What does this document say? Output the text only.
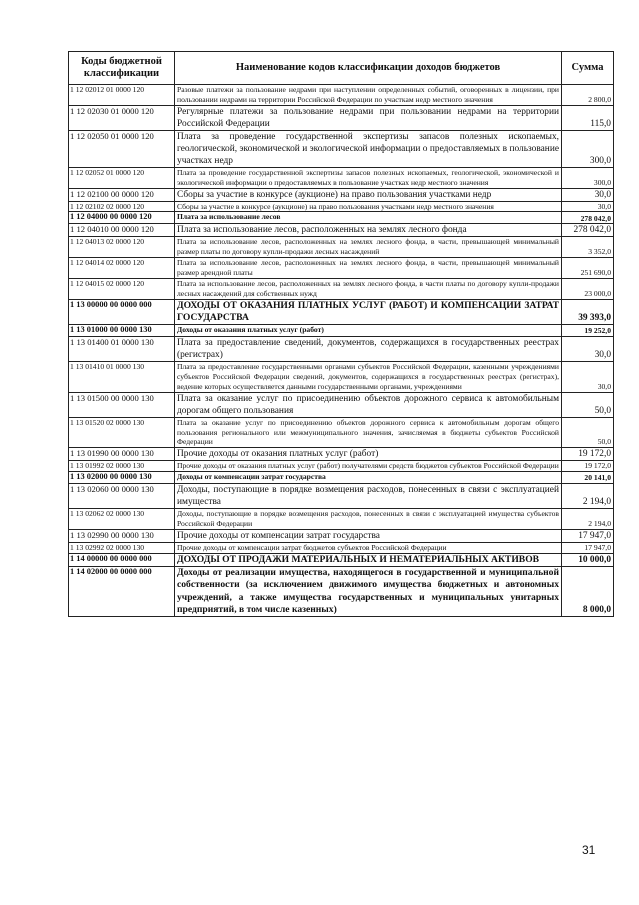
Коды бюджетной классификации	Наименование кодов классификации доходов бюджетов	Сумма
1 12 02012 01 0000 120	Разовые платежи за пользование недрами при наступлении определенных событий, оговоренных в лицензии, при пользовании недрами на территории Российской Федерации по участкам недр местного значения	2 800,0
1 12 02030 01 0000 120	Регулярные платежи за пользование недрами при пользовании недрами на территории Российской Федерации	115,0
1 12 02050 01 0000 120	Плата за проведение государственной экспертизы запасов полезных ископаемых, геологической, экономической и экологической информации о предоставляемых в пользование участках недр	300,0
1 12 02052 01 0000 120	Плата за проведение государственной экспертизы запасов полезных ископаемых, геологической, экономической и экологической информации о предоставляемых в пользование участках недр местного значения	300,0
1 12 02100 00 0000 120	Сборы за участие в конкурсе (аукционе) на право пользования участками недр	30,0
1 12 02102 02 0000 120	Сборы за участие в конкурсе (аукционе) на право пользования участками недр местного значения	30,0
1 12 04000 00 0000 120	Плата за использование лесов	278 042,0
1 12 04010 00 0000 120	Плата за использование лесов, расположенных на землях лесного фонда	278 042,0
1 12 04013 02 0000 120	Плата за использование лесов, расположенных на землях лесного фонда, в части, превышающей минимальный размер платы по договору купли-продажи лесных насаждений	3 352,0
1 12 04014 02 0000 120	Плата за использование лесов, расположенных на землях лесного фонда, в части, превышающей минимальный размер арендной платы	251 690,0
1 12 04015 02 0000 120	Плата за использование лесов, расположенных на землях лесного фонда, в части платы по договору купли-продажи лесных насаждений для собственных нужд	23 000,0
1 13 00000 00 0000 000	ДОХОДЫ ОТ ОКАЗАНИЯ ПЛАТНЫХ УСЛУГ (РАБОТ) И КОМПЕНСАЦИИ ЗАТРАТ ГОСУДАРСТВА	39 393,0
1 13 01000 00 0000 130	Доходы от оказания платных услуг (работ)	19 252,0
1 13 01400 01 0000 130	Плата за предоставление сведений, документов, содержащихся в государственных реестрах (регистрах)	30,0
1 13 01410 01 0000 130	Плата за предоставление государственными органами субъектов Российской Федерации, казенными учреждениями субъектов Российской Федерации сведений, документов, содержащихся в государственных реестрах (регистрах), ведение которых осуществляется данными государственными органами, учреждениями	30,0
1 13 01500 00 0000 130	Плата за оказание услуг по присоединению объектов дорожного сервиса к автомобильным дорогам общего пользования	50,0
1 13 01520 02 0000 130	Плата за оказание услуг по присоединению объектов дорожного сервиса к автомобильным дорогам общего пользования регионального или межмуниципального значения, зачисляемая в бюджеты субъектов Российской Федерации	50,0
1 13 01990 00 0000 130	Прочие доходы от оказания платных услуг (работ)	19 172,0
1 13 01992 02 0000 130	Прочие доходы от оказания платных услуг (работ) получателями средств бюджетов субъектов Российской Федерации	19 172,0
1 13 02000 00 0000 130	Доходы от компенсации затрат государства	20 141,0
1 13 02060 00 0000 130	Доходы, поступающие в порядке возмещения расходов, понесенных в связи с эксплуатацией имущества	2 194,0
1 13 02062 02 0000 130	Доходы, поступающие в порядке возмещения расходов, понесенных в связи с эксплуатацией имущества субъектов Российской Федерации	2 194,0
1 13 02990 00 0000 130	Прочие доходы от компенсации затрат государства	17 947,0
1 13 02992 02 0000 130	Прочие доходы от компенсации затрат бюджетов субъектов Российской Федерации	17 947,0
1 14 00000 00 0000 000	ДОХОДЫ ОТ ПРОДАЖИ МАТЕРИАЛЬНЫХ И НЕМАТЕРИАЛЬНЫХ АКТИВОВ	10 000,0
1 14 02000 00 0000 000	Доходы от реализации имущества, находящегося в государственной и муниципальной собственности (за исключением движимого имущества бюджетных и автономных учреждений, а также имущества государственных и муниципальных унитарных предприятий, в том числе казенных)	8 000,0
31
